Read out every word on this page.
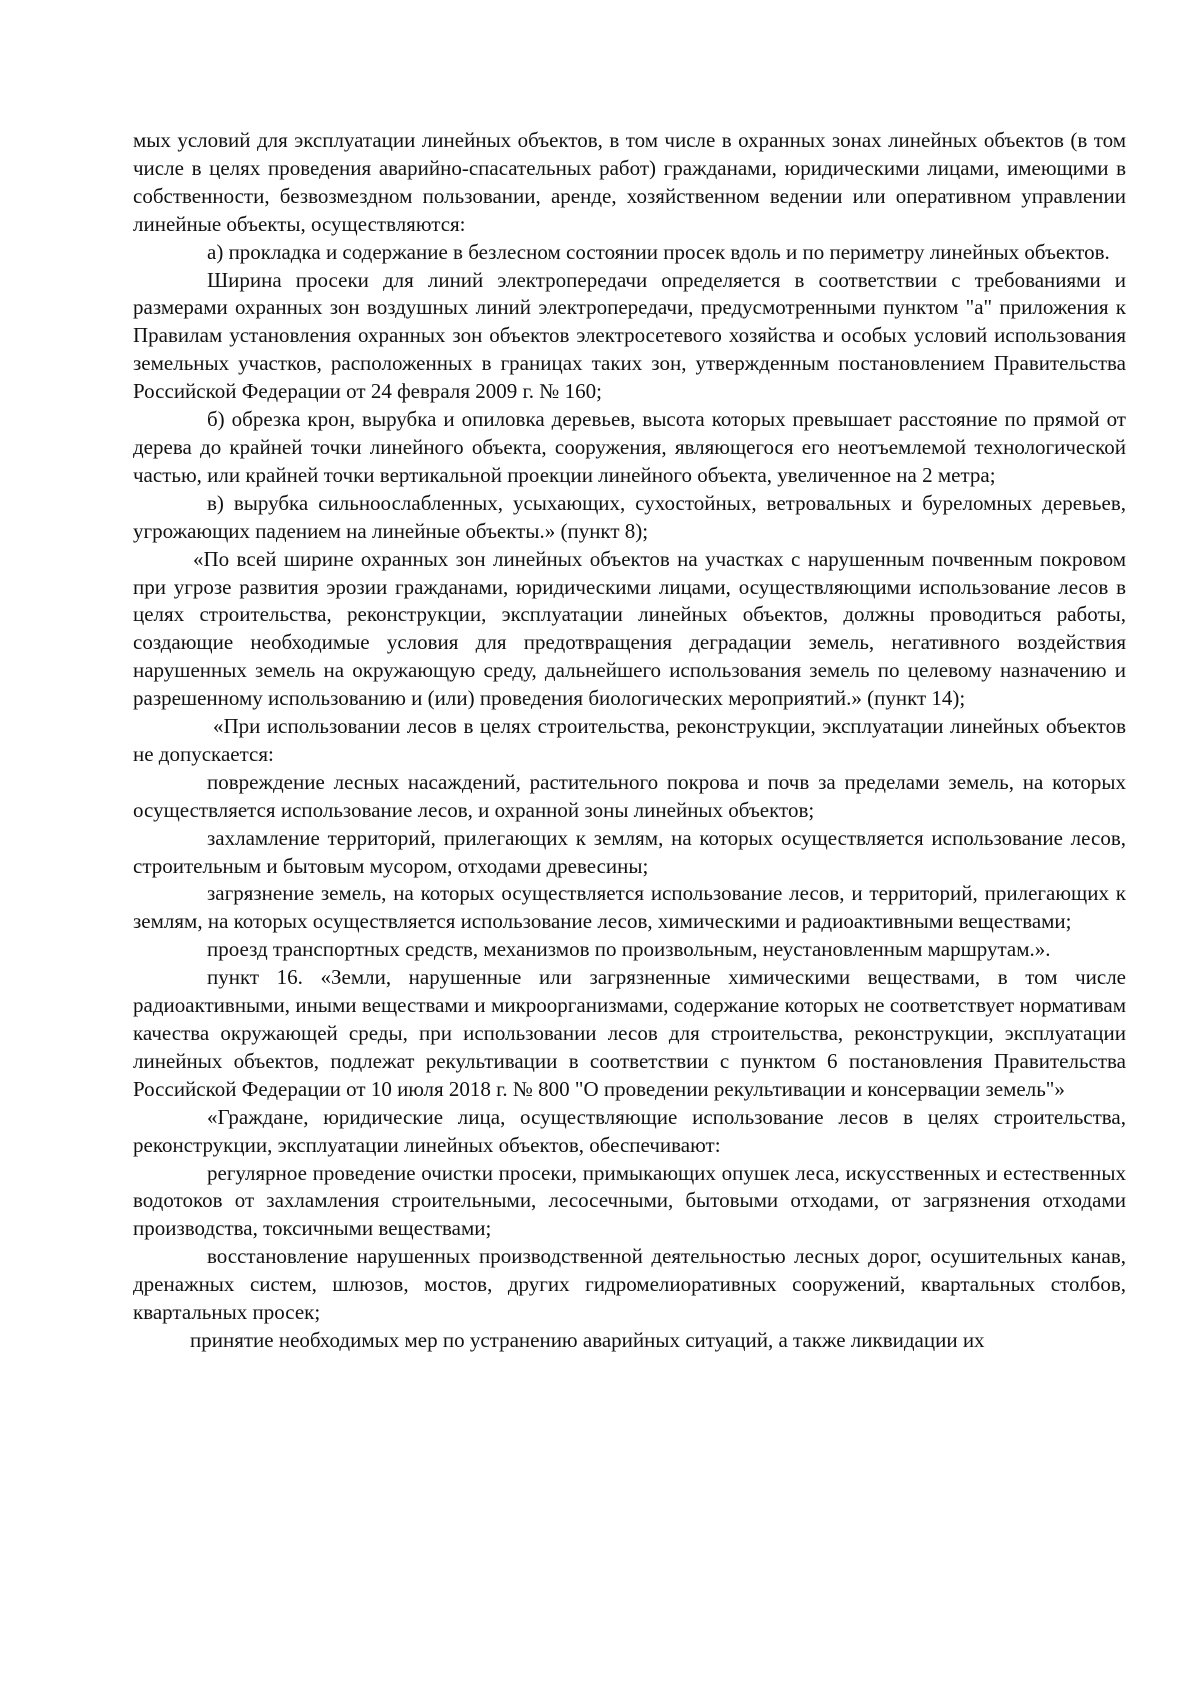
мых условий для эксплуатации линейных объектов, в том числе в охранных зонах линейных объектов (в том числе в целях проведения аварийно-спасательных работ) гражданами, юридическими лицами, имеющими в собственности, безвозмездном пользовании, аренде, хозяйственном ведении или оперативном управлении линейные объекты, осуществляются:

а) прокладка и содержание в безлесном состоянии просек вдоль и по периметру линейных объектов.

Ширина просеки для линий электропередачи определяется в соответствии с требованиями и размерами охранных зон воздушных линий электропередачи, предусмотренными пунктом "а" приложения к Правилам установления охранных зон объектов электросетевого хозяйства и особых условий использования земельных участков, расположенных в границах таких зон, утвержденным постановлением Правительства Российской Федерации от 24 февраля 2009 г. № 160;

б) обрезка крон, вырубка и опиловка деревьев, высота которых превышает расстояние по прямой от дерева до крайней точки линейного объекта, сооружения, являющегося его неотъемлемой технологической частью, или крайней точки вертикальной проекции линейного объекта, увеличенное на 2 метра;

в) вырубка сильноослабленных, усыхающих, сухостойных, ветровальных и буреломных деревьев, угрожающих падением на линейные объекты.» (пункт 8);

«По всей ширине охранных зон линейных объектов на участках с нарушенным почвенным покровом при угрозе развития эрозии гражданами, юридическими лицами, осуществляющими использование лесов в целях строительства, реконструкции, эксплуатации линейных объектов, должны проводиться работы, создающие необходимые условия для предотвращения деградации земель, негативного воздействия нарушенных земель на окружающую среду, дальнейшего использования земель по целевому назначению и разрешенному использованию и (или) проведения биологических мероприятий.» (пункт 14);

«При использовании лесов в целях строительства, реконструкции, эксплуатации линейных объектов не допускается:

повреждение лесных насаждений, растительного покрова и почв за пределами земель, на которых осуществляется использование лесов, и охранной зоны линейных объектов;

захламление территорий, прилегающих к землям, на которых осуществляется использование лесов, строительным и бытовым мусором, отходами древесины;

загрязнение земель, на которых осуществляется использование лесов, и территорий, прилегающих к землям, на которых осуществляется использование лесов, химическими и радиоактивными веществами;

проезд транспортных средств, механизмов по произвольным, неустановленным маршрутам.».

пункт 16. «Земли, нарушенные или загрязненные химическими веществами, в том числе радиоактивными, иными веществами и микроорганизмами, содержание которых не соответствует нормативам качества окружающей среды, при использовании лесов для строительства, реконструкции, эксплуатации линейных объектов, подлежат рекультивации в соответствии с пунктом 6 постановления Правительства Российской Федерации от 10 июля 2018 г. № 800 "О проведении рекультивации и консервации земель"»

«Граждане, юридические лица, осуществляющие использование лесов в целях строительства, реконструкции, эксплуатации линейных объектов, обеспечивают:

регулярное проведение очистки просеки, примыкающих опушек леса, искусственных и естественных водотоков от захламления строительными, лесосечными, бытовыми отходами, от загрязнения отходами производства, токсичными веществами;

восстановление нарушенных производственной деятельностью лесных дорог, осушительных канав, дренажных систем, шлюзов, мостов, других гидромелиоративных сооружений, квартальных столбов, квартальных просек;

принятие необходимых мер по устранению аварийных ситуаций, а также ликвидации их
